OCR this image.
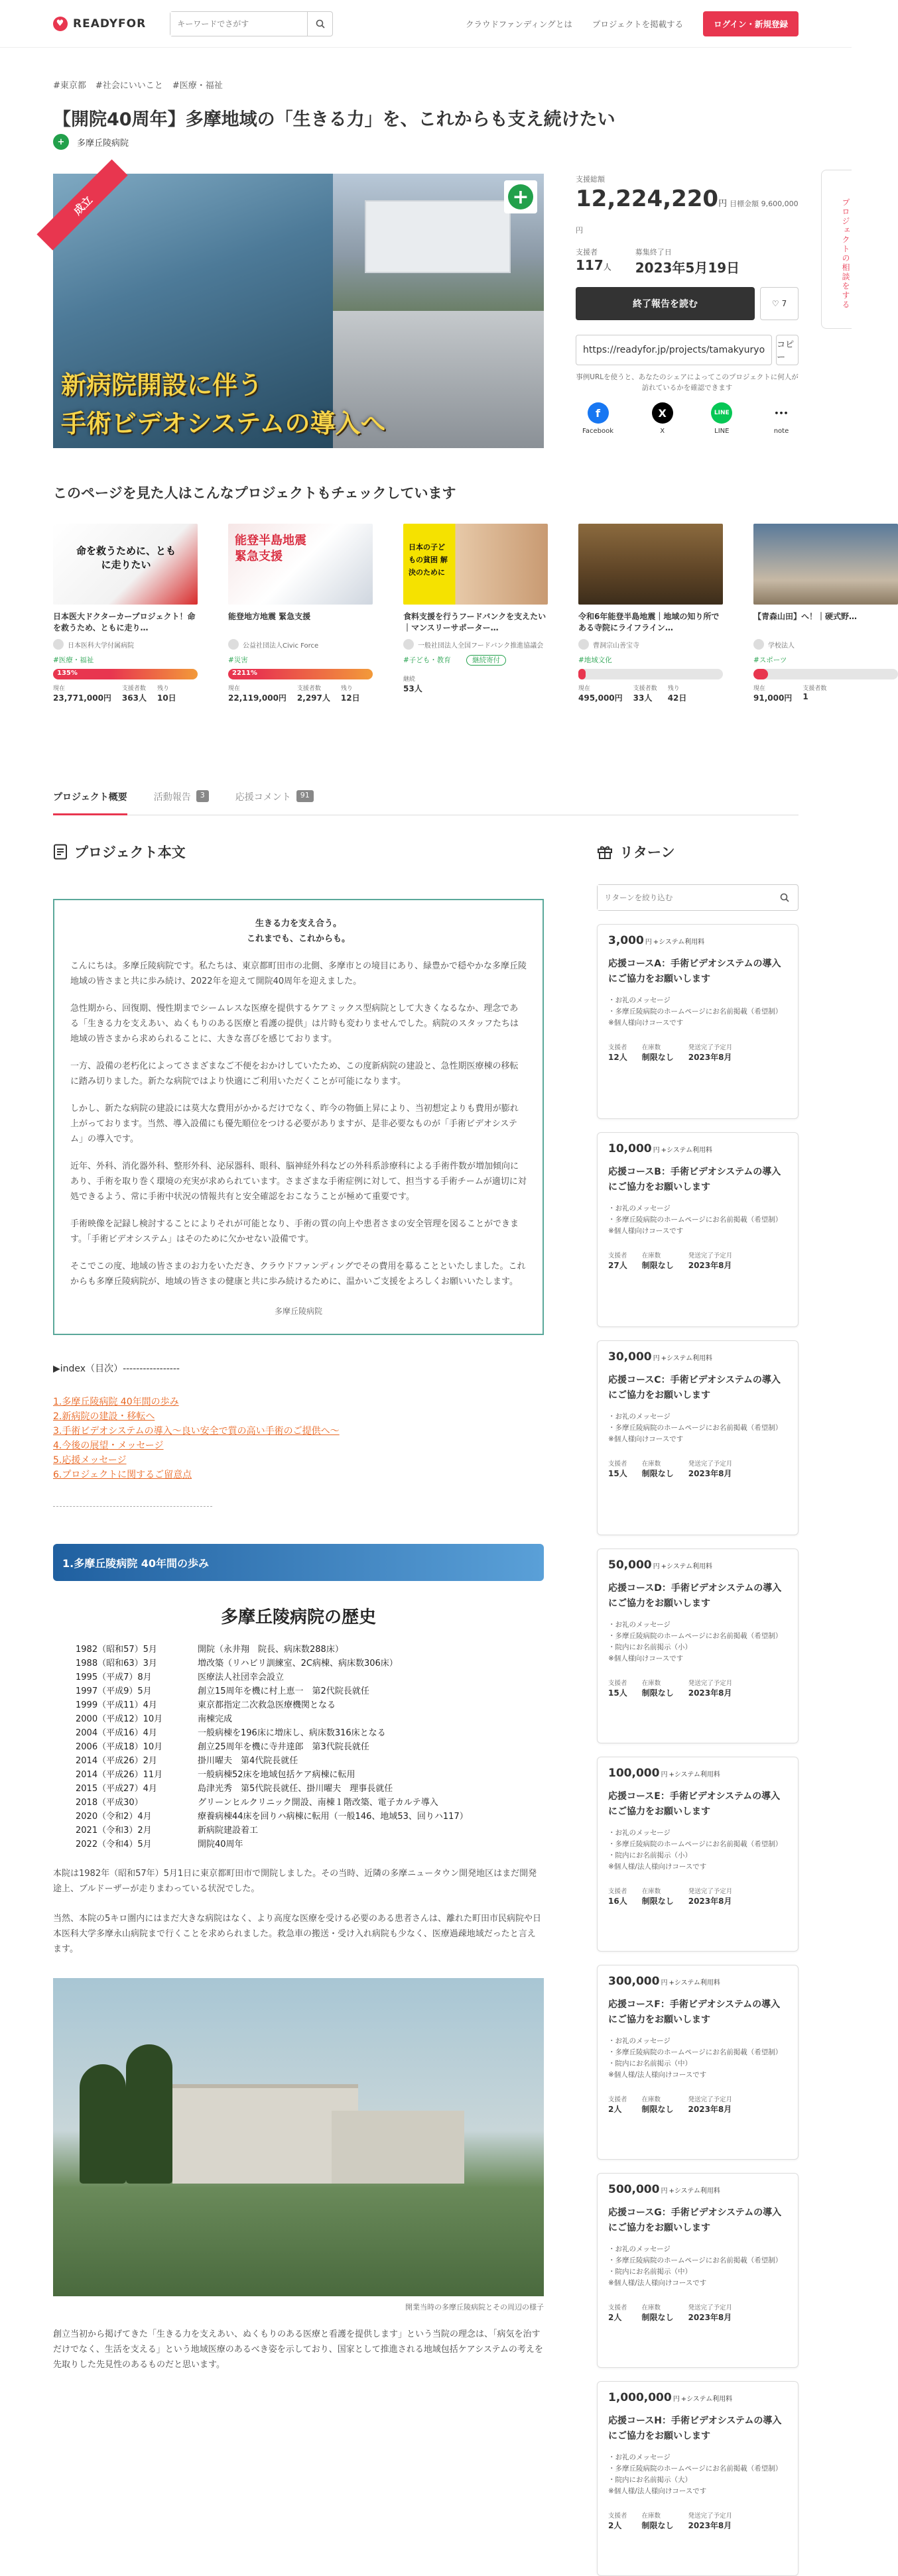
♥ READYFOR
キーワードでさがす	クラウドファンディングとは プロジェクトを掲載する	ログイン・新規登録
プロジェクトの相談をする
#東京都 #社会にいいこと #医療・福祉
【開院40周年】多摩地域の「生きる力」を、これからも支え続けたい
+	多摩丘陵病院
+
成立
新病院開設に伴う
手術ビデオシステムの導入へ
支援総額
12,224,220円 目標金額 9,600,000円
支援者
117人
募集終了日
2023年5月19日
終了報告を読む	♡ 7
https://readyfor.jp/projects/tamakyuryo	コピー
事例URLを使うと、あなたのシェアによってこのプロジェクトに何人が訪れているかを確認できます
f
Facebook
X
X
LINE
LINE
•••
note
このページを見た人はこんなプロジェクトもチェックしています
命を救うために、ともに走りたい
日本医大ドクターカープロジェクト！命を救うため、ともに走り…
日本医科大学付属病院
#医療・福祉
135%
現在
23,771,000円
支援者数
363人
残り
10日
能登半島地震 緊急支援
能登地方地震 緊急支援
公益社団法人Civic Force
#災害
2211%
現在
22,119,000円
支援者数
2,297人
残り
12日
日本の子どもの貧困 解決のために
食料支援を行うフードバンクを支えたい｜マンスリーサポーター…
一般社団法人全国フードバンク推進協議会
#子ども・教育	継続寄付
継続
53人
令和6年能登半島地震｜地域の知り所である寺院にライフライン…
曹洞宗山善宝寺
#地域文化
現在
495,000円
支援者数
33人
残り
42日
【青森山田】へ！｜硬式野…
学校法人
#スポーツ
現在
91,000円
支援者数
1
プロジェクト概要	活動報告	3	応援コメント	91
プロジェクト本文
生きる力を支え合う。
これまでも、これからも。

こんにちは。多摩丘陵病院です。私たちは、東京都町田市の北側、多摩市との境目にあり、緑豊かで穏やかな多摩丘陵地域の皆さまと共に歩み続け、2022年を迎えて開院40周年を迎えました。

急性期から、回復期、慢性期までシームレスな医療を提供するケアミックス型病院として大きくなるなか、理念である「生きる力を支えあい、ぬくもりのある医療と看護の提供」は片時も変わりませんでした。病院のスタッフたちは地域の皆さまから求められることに、大きな喜びを感じております。

一方、設備の老朽化によってさまざまなご不便をおかけしていたため、この度新病院の建設と、急性期医療棟の移転に踏み切りました。新たな病院ではより快適にご利用いただくことが可能になります。

しかし、新たな病院の建設には莫大な費用がかかるだけでなく、昨今の物価上昇により、当初想定よりも費用が膨れ上がっております。当然、導入設備にも優先順位をつける必要がありますが、是非必要なものが「手術ビデオシステム」の導入です。

近年、外科、消化器外科、整形外科、泌尿器科、眼科、脳神経外科などの外科系診療科による手術件数が増加傾向にあり、手術を取り巻く環境の充実が求められています。さまざまな手術症例に対して、担当する手術チームが適切に対処できるよう、常に手術中状況の情報共有と安全確認をおこなうことが極めて重要です。

手術映像を記録し検討することによりそれが可能となり、手術の質の向上や患者さまの安全管理を図ることができます。「手術ビデオシステム」はそのために欠かせない設備です。

そこでこの度、地域の皆さまのお力をいただき、クラウドファンディングでその費用を募ることといたしました。これからも多摩丘陵病院が、地域の皆さまの健康と共に歩み続けるために、温かいご支援をよろしくお願いいたします。

多摩丘陵病院
▶index（目次）-----------------
1.多摩丘陵病院 40年間の歩み
2.新病院の建設・移転へ
3.手術ビデオシステムの導入〜良い安全で質の高い手術のご提供へ〜
4.今後の展望・メッセージ
5.応援メッセージ
6.プロジェクトに関するご留意点
1.多摩丘陵病院 40年間の歩み
多摩丘陵病院の歴史
1982（昭和57）5月	開院（永井翔　院長、病床数288床）
1988（昭和63）3月	増改築（リハビリ訓練室、2C病棟、病床数306床）
1995（平成7）8月	医療法人社団幸会設立
1997（平成9）5月	創立15周年を機に村上恵一　第2代院長就任
1999（平成11）4月	東京都指定二次救急医療機関となる
2000（平成12）10月	南棟完成
2004（平成16）4月	一般病棟を196床に増床し、病床数316床となる
2006（平成18）10月	創立25周年を機に寺井達郎　第3代院長就任
2014（平成26）2月	掛川曜夫　第4代院長就任
2014（平成26）11月	一般病棟52床を地域包括ケア病棟に転用
2015（平成27）4月	島津光秀　第5代院長就任、掛川曜夫　理事長就任
2018（平成30）	グリーンヒルクリニック開設、南棟１階改築、電子カルテ導入
2020（令和2）4月	療養病棟44床を回りハ病棟に転用（一般146、地域53、回りハ117）
2021（令和3）2月	新病院建設着工
2022（令和4）5月	開院40周年

本院は1982年（昭和57年）5月1日に東京都町田市で開院しました。その当時、近隣の多摩ニュータウン開発地区はまだ開発途上、ブルドーザーが走りまわっている状況でした。

当然、本院の5キロ圏内にはまだ大きな病院はなく、より高度な医療を受ける必要のある患者さんは、離れた町田市民病院や日本医科大学多摩永山病院まで行くことを求められました。救急車の搬送・受け入れ病院も少なく、医療過疎地域だったと言えます。

開業当時の多摩丘陵病院とその周辺の様子

創立当初から掲げてきた「生きる力を支えあい、ぬくもりのある医療と看護を提供します」という当院の理念は、「病気を治すだけでなく、生活を支える」という地域医療のあるべき姿を示しており、国家として推進される地域包括ケアシステムの考えを先取りした先見性のあるものだと思います。

リターン
リターンを絞り込む
3,000 円 +システム利用料
応援コースA：手術ビデオシステムの導入にご協力をお願いします
・お礼のメッセージ
・多摩丘陵病院のホームページにお名前掲載（希望制）
※個人様向けコースです
支援者
12人
在庫数
制限なし
発送完了予定月
2023年8月
10,000 円 +システム利用料
応援コースB：手術ビデオシステムの導入にご協力をお願いします
・お礼のメッセージ
・多摩丘陵病院のホームページにお名前掲載（希望制）
※個人様向けコースです
支援者
27人
在庫数
制限なし
発送完了予定月
2023年8月
30,000 円 +システム利用料
応援コースC：手術ビデオシステムの導入にご協力をお願いします
・お礼のメッセージ
・多摩丘陵病院のホームページにお名前掲載（希望制）
※個人様向けコースです
支援者
15人
在庫数
制限なし
発送完了予定月
2023年8月
50,000 円 +システム利用料
応援コースD：手術ビデオシステムの導入にご協力をお願いします
・お礼のメッセージ
・多摩丘陵病院のホームページにお名前掲載（希望制）
・院内にお名前掲示（小）
※個人様向けコースです
支援者
15人
在庫数
制限なし
発送完了予定月
2023年8月
100,000 円 +システム利用料
応援コースE：手術ビデオシステムの導入にご協力をお願いします
・お礼のメッセージ
・多摩丘陵病院のホームページにお名前掲載（希望制）
・院内にお名前掲示（小）
※個人様/法人様向けコースです
支援者
16人
在庫数
制限なし
発送完了予定月
2023年8月
300,000 円 +システム利用料
応援コースF：手術ビデオシステムの導入にご協力をお願いします
・お礼のメッセージ
・多摩丘陵病院のホームページにお名前掲載（希望制）
・院内にお名前掲示（中）
※個人様/法人様向けコースです
支援者
2人
在庫数
制限なし
発送完了予定月
2023年8月
500,000 円 +システム利用料
応援コースG：手術ビデオシステムの導入にご協力をお願いします
・お礼のメッセージ
・多摩丘陵病院のホームページにお名前掲載（希望制）
・院内にお名前掲示（中）
※個人様/法人様向けコースです
支援者
2人
在庫数
制限なし
発送完了予定月
2023年8月
1,000,000 円 +システム利用料
応援コースH：手術ビデオシステムの導入にご協力をお願いします
・お礼のメッセージ
・多摩丘陵病院のホームページにお名前掲載（希望制）
・院内にお名前掲示（大）
※個人様/法人様向けコースです
支援者
2人
在庫数
制限なし
発送完了予定月
2023年8月
